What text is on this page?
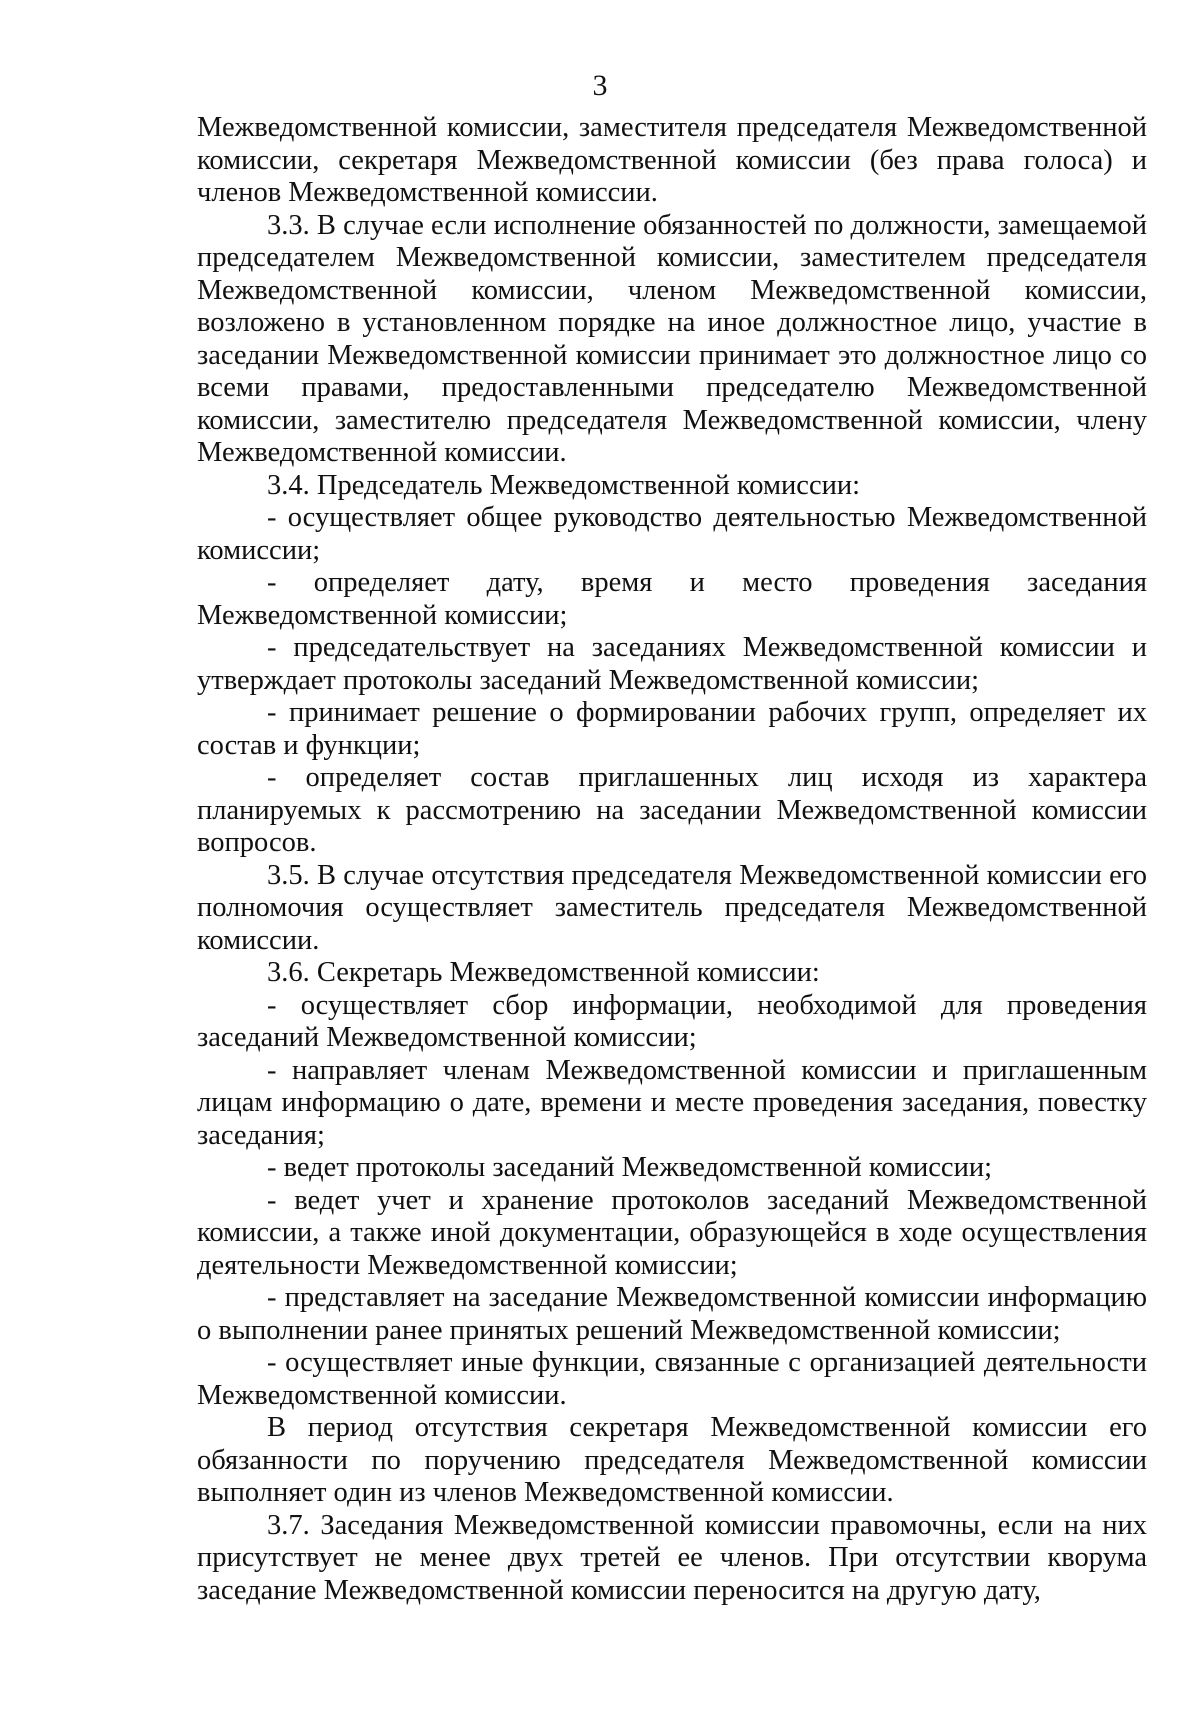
3

Межведомственной комиссии, заместителя председателя Межведомственной комиссии, секретаря Межведомственной комиссии (без права голоса) и членов Межведомственной комиссии.

3.3. В случае если исполнение обязанностей по должности, замещаемой председателем Межведомственной комиссии, заместителем председателя Межведомственной комиссии, членом Межведомственной комиссии, возложено в установленном порядке на иное должностное лицо, участие в заседании Межведомственной комиссии принимает это должностное лицо со всеми правами, предоставленными председателю Межведомственной комиссии, заместителю председателя Межведомственной комиссии, члену Межведомственной комиссии.

3.4. Председатель Межведомственной комиссии:

- осуществляет общее руководство деятельностью Межведомственной комиссии;

- определяет дату, время и место проведения заседания Межведомственной комиссии;

- председательствует на заседаниях Межведомственной комиссии и утверждает протоколы заседаний Межведомственной комиссии;

- принимает решение о формировании рабочих групп, определяет их состав и функции;

- определяет состав приглашенных лиц исходя из характера планируемых к рассмотрению на заседании Межведомственной комиссии вопросов.

3.5. В случае отсутствия председателя Межведомственной комиссии его полномочия осуществляет заместитель председателя Межведомственной комиссии.

3.6. Секретарь Межведомственной комиссии:

- осуществляет сбор информации, необходимой для проведения заседаний Межведомственной комиссии;

- направляет членам Межведомственной комиссии и приглашенным лицам информацию о дате, времени и месте проведения заседания, повестку заседания;

- ведет протоколы заседаний Межведомственной комиссии;

- ведет учет и хранение протоколов заседаний Межведомственной комиссии, а также иной документации, образующейся в ходе осуществления деятельности Межведомственной комиссии;

- представляет на заседание Межведомственной комиссии информацию о выполнении ранее принятых решений Межведомственной комиссии;

- осуществляет иные функции, связанные с организацией деятельности Межведомственной комиссии.

В период отсутствия секретаря Межведомственной комиссии его обязанности по поручению председателя Межведомственной комиссии выполняет один из членов Межведомственной комиссии.

3.7. Заседания Межведомственной комиссии правомочны, если на них присутствует не менее двух третей ее членов. При отсутствии кворума заседание Межведомственной комиссии переносится на другую дату,
